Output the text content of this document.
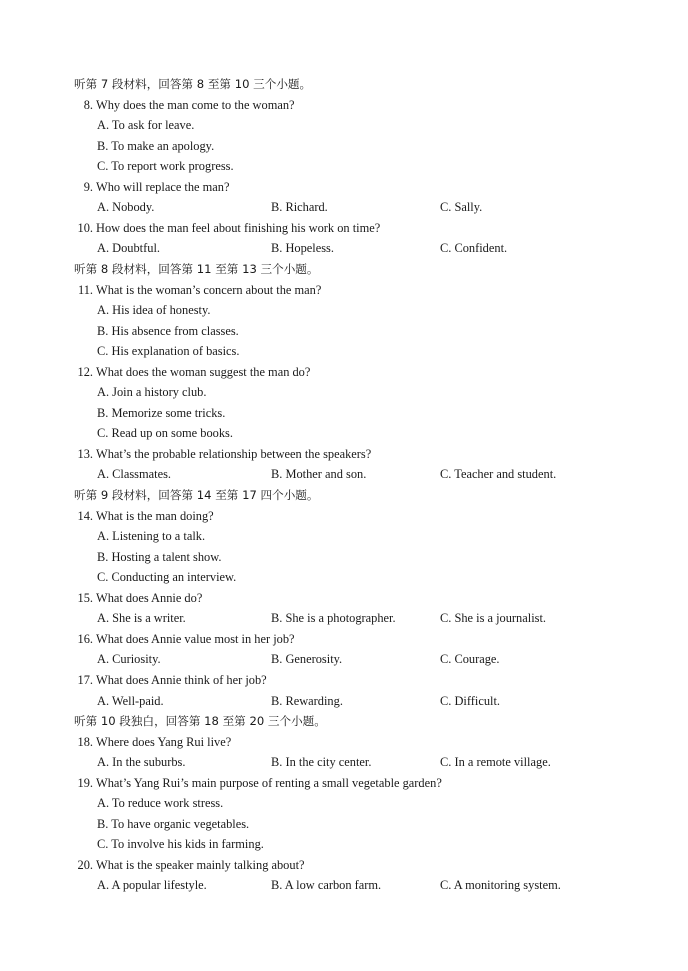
听第 7 段材料，回答第 8 至第 10 三个小题。
8. Why does the man come to the woman?
A. To ask for leave.
B. To make an apology.
C. To report work progress.
9. Who will replace the man?
A. Nobody.	B. Richard.	C. Sally.
10. How does the man feel about finishing his work on time?
A. Doubtful.	B. Hopeless.	C. Confident.
听第 8 段材料，回答第 11 至第 13 三个小题。
11. What is the woman’s concern about the man?
A. His idea of honesty.
B. His absence from classes.
C. His explanation of basics.
12. What does the woman suggest the man do?
A. Join a history club.
B. Memorize some tricks.
C. Read up on some books.
13. What’s the probable relationship between the speakers?
A. Classmates.	B. Mother and son.	C. Teacher and student.
听第 9 段材料，回答第 14 至第 17 四个小题。
14. What is the man doing?
A. Listening to a talk.
B. Hosting a talent show.
C. Conducting an interview.
15. What does Annie do?
A. She is a writer.	B. She is a photographer.	C. She is a journalist.
16. What does Annie value most in her job?
A. Curiosity.	B. Generosity.	C. Courage.
17. What does Annie think of her job?
A. Well-paid.	B. Rewarding.	C. Difficult.
听第 10 段独白，回答第 18 至第 20 三个小题。
18. Where does Yang Rui live?
A. In the suburbs.	B. In the city center.	C. In a remote village.
19. What’s Yang Rui’s main purpose of renting a small vegetable garden?
A. To reduce work stress.
B. To have organic vegetables.
C. To involve his kids in farming.
20. What is the speaker mainly talking about?
A. A popular lifestyle.	B. A low carbon farm.	C. A monitoring system.
